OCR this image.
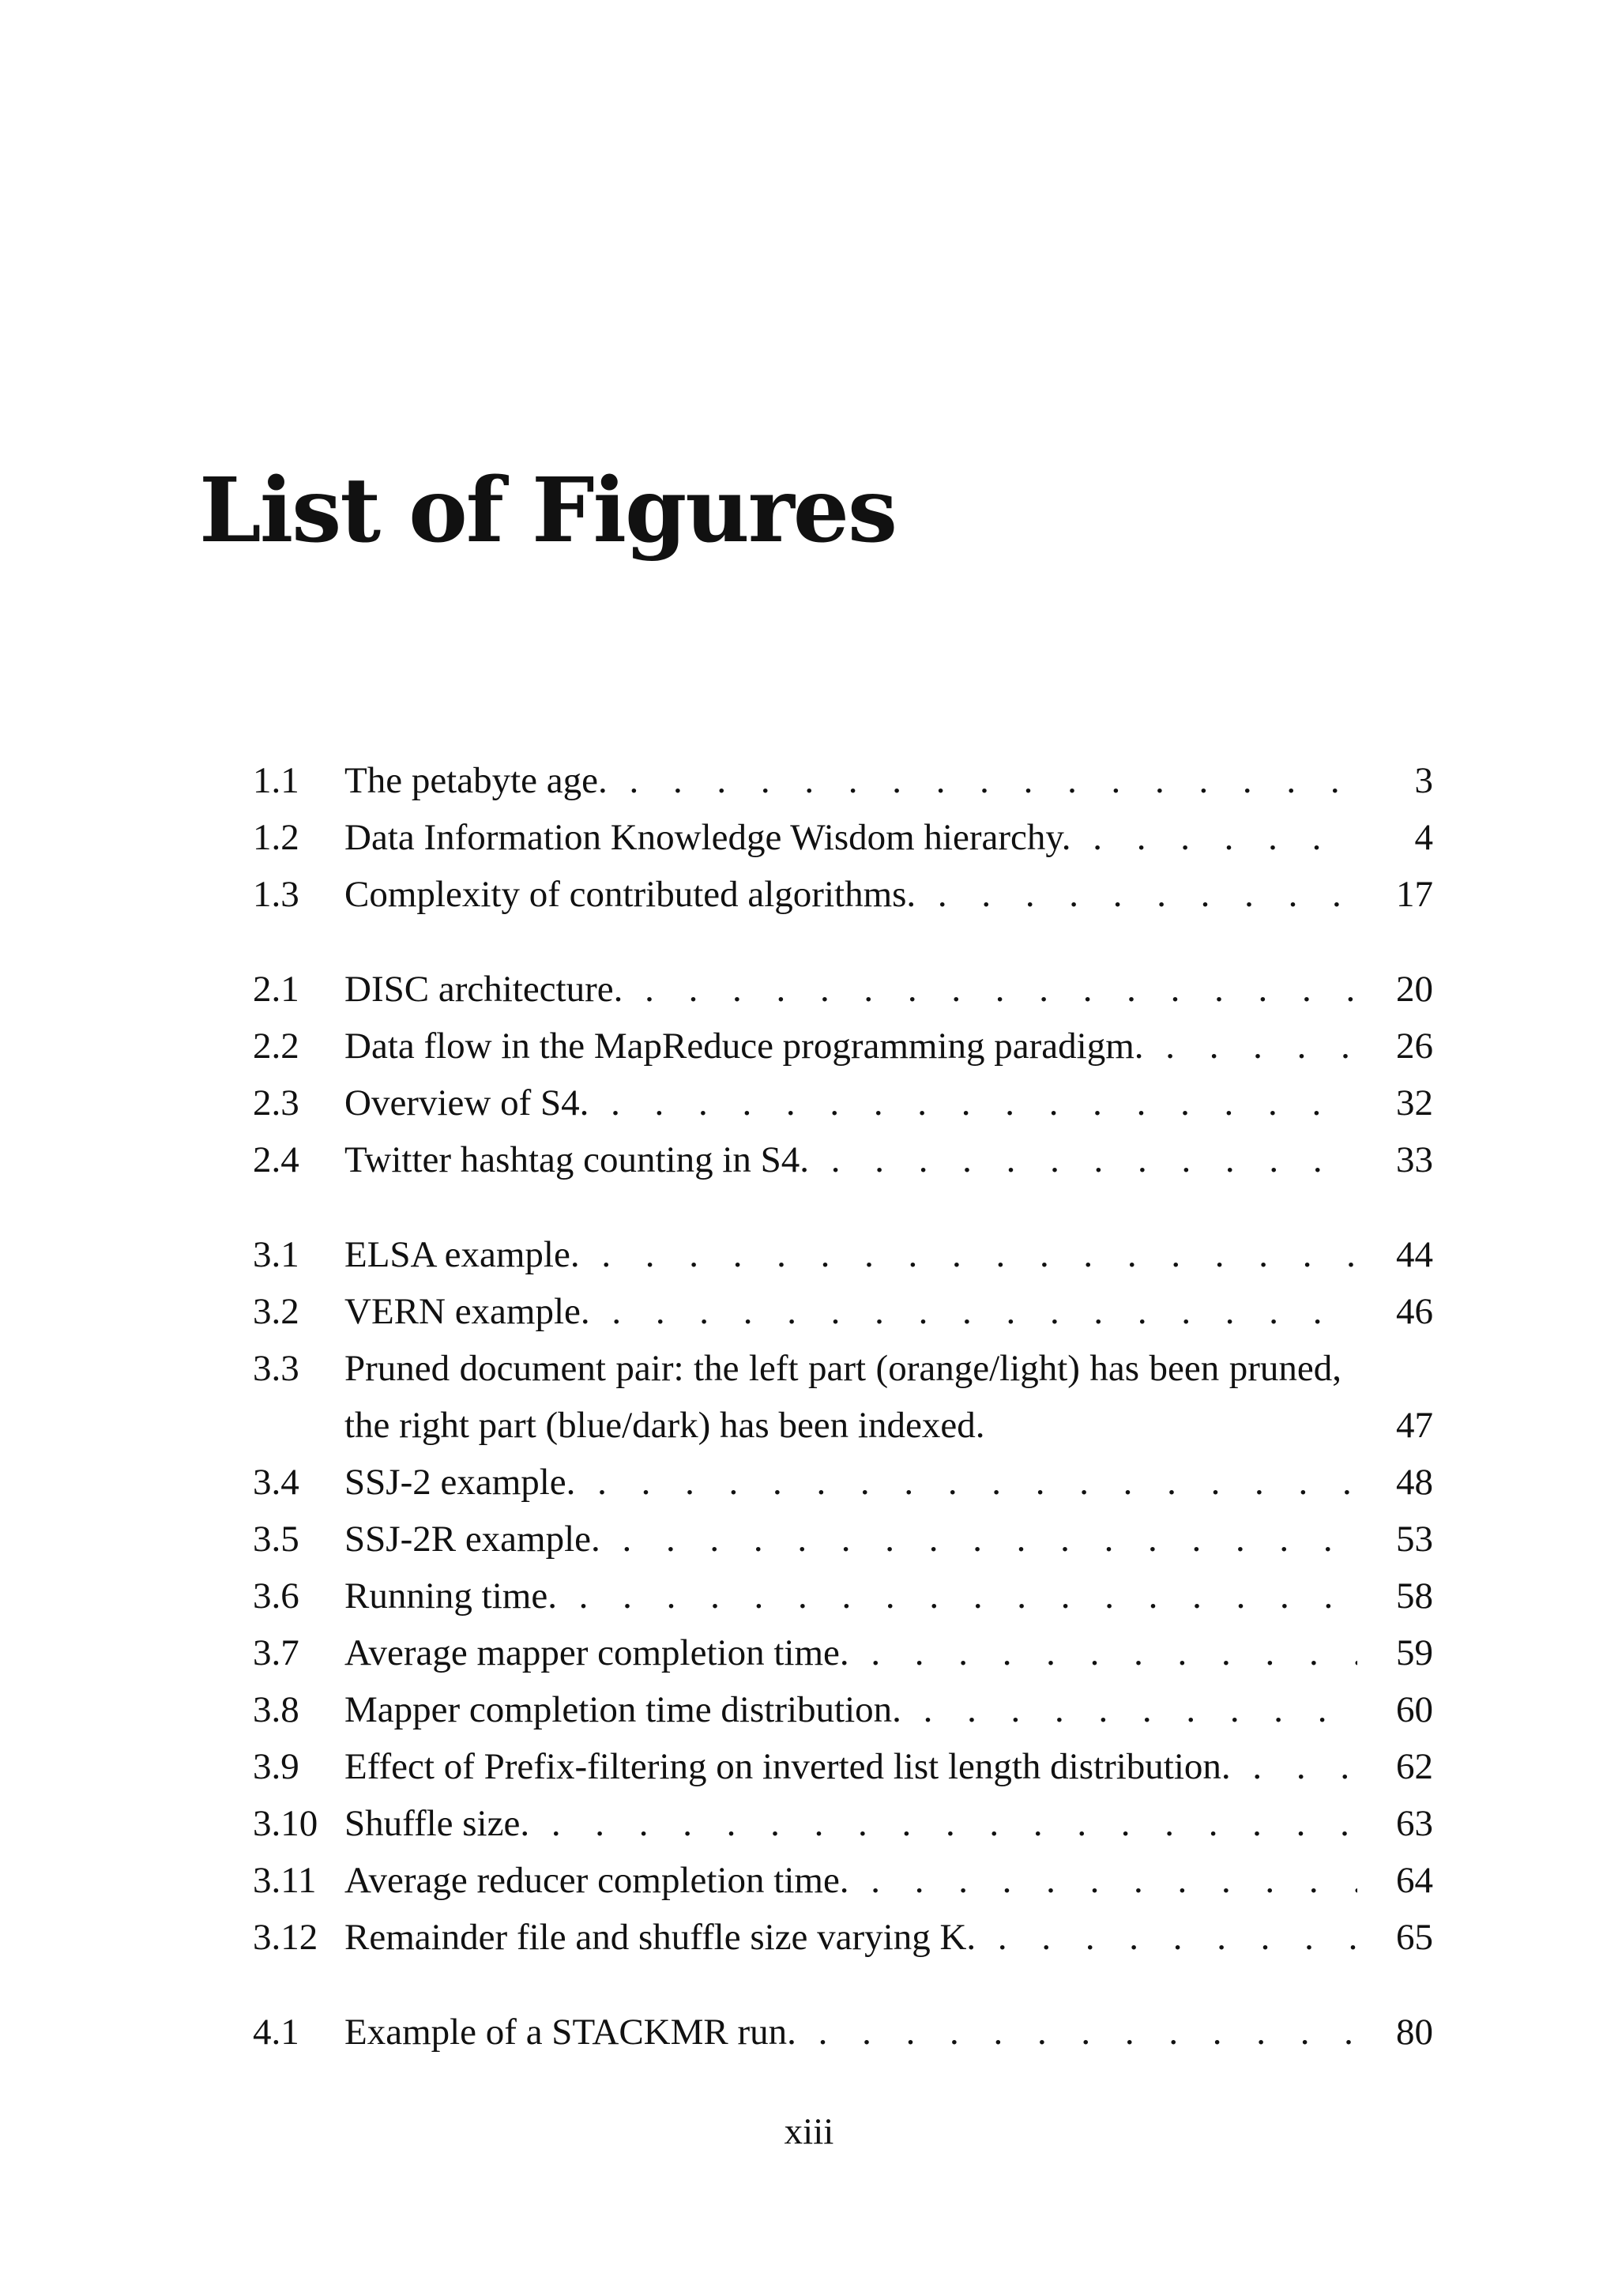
List of Figures
1.1 The petabyte age. . . .	3
1.2 Data Information Knowledge Wisdom hierarchy. . . .	4
1.3 Complexity of contributed algorithms. . . .	17
2.1 DISC architecture. . . .	20
2.2 Data flow in the MapReduce programming paradigm. . . .	26
2.3 Overview of S4. . . .	32
2.4 Twitter hashtag counting in S4. . . .	33
3.1 ELSA example. . . .	44
3.2 VERN example. . . .	46
3.3 Pruned document pair: the left part (orange/light) has been pruned, the right part (blue/dark) has been indexed.	47
3.4 SSJ-2 example. . . .	48
3.5 SSJ-2R example. . . .	53
3.6 Running time. . . .	58
3.7 Average mapper completion time. . . .	59
3.8 Mapper completion time distribution. . . .	60
3.9 Effect of Prefix-filtering on inverted list length distribution. . . .	62
3.10 Shuffle size. . . .	63
3.11 Average reducer completion time. . . .	64
3.12 Remainder file and shuffle size varying K. . . .	65
4.1 Example of a STACKMR run. . . .	80
xiii
